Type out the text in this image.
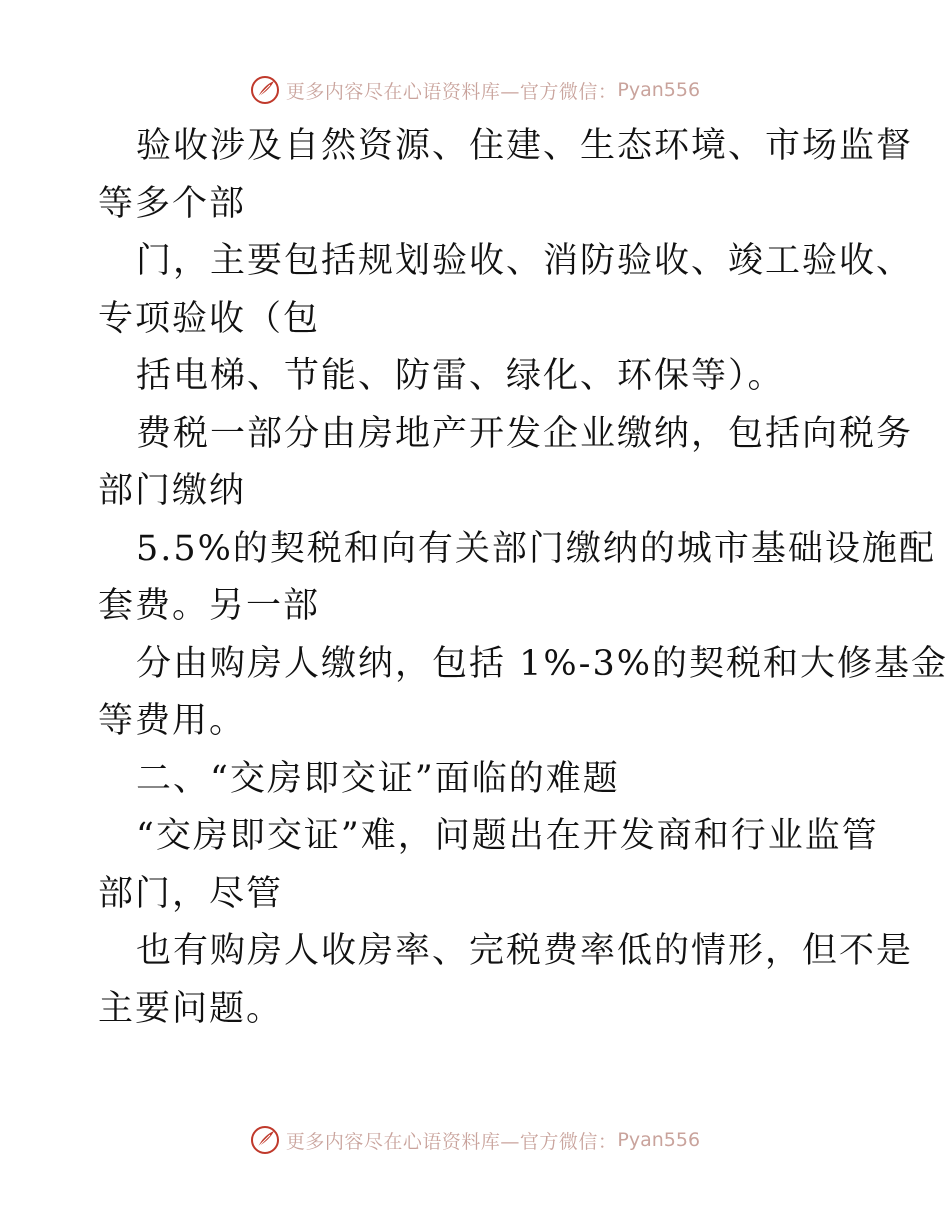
更多内容尽在心语资料库—官方微信： Pyan556
验收涉及自然资源、住建、生态环境、市场监督
等多个部
门，主要包括规划验收、消防验收、竣工验收、
专项验收（包
括电梯、节能、防雷、绿化、环保等）。
费税一部分由房地产开发企业缴纳，包括向税务
部门缴纳
5.5%的契税和向有关部门缴纳的城市基础设施配
套费。另一部
分由购房人缴纳，包括 1%-3%的契税和大修基金
等费用。
二、“交房即交证”面临的难题
“交房即交证”难，问题出在开发商和行业监管
部门，尽管
也有购房人收房率、完税费率低的情形，但不是
主要问题。
更多内容尽在心语资料库—官方微信： Pyan556
